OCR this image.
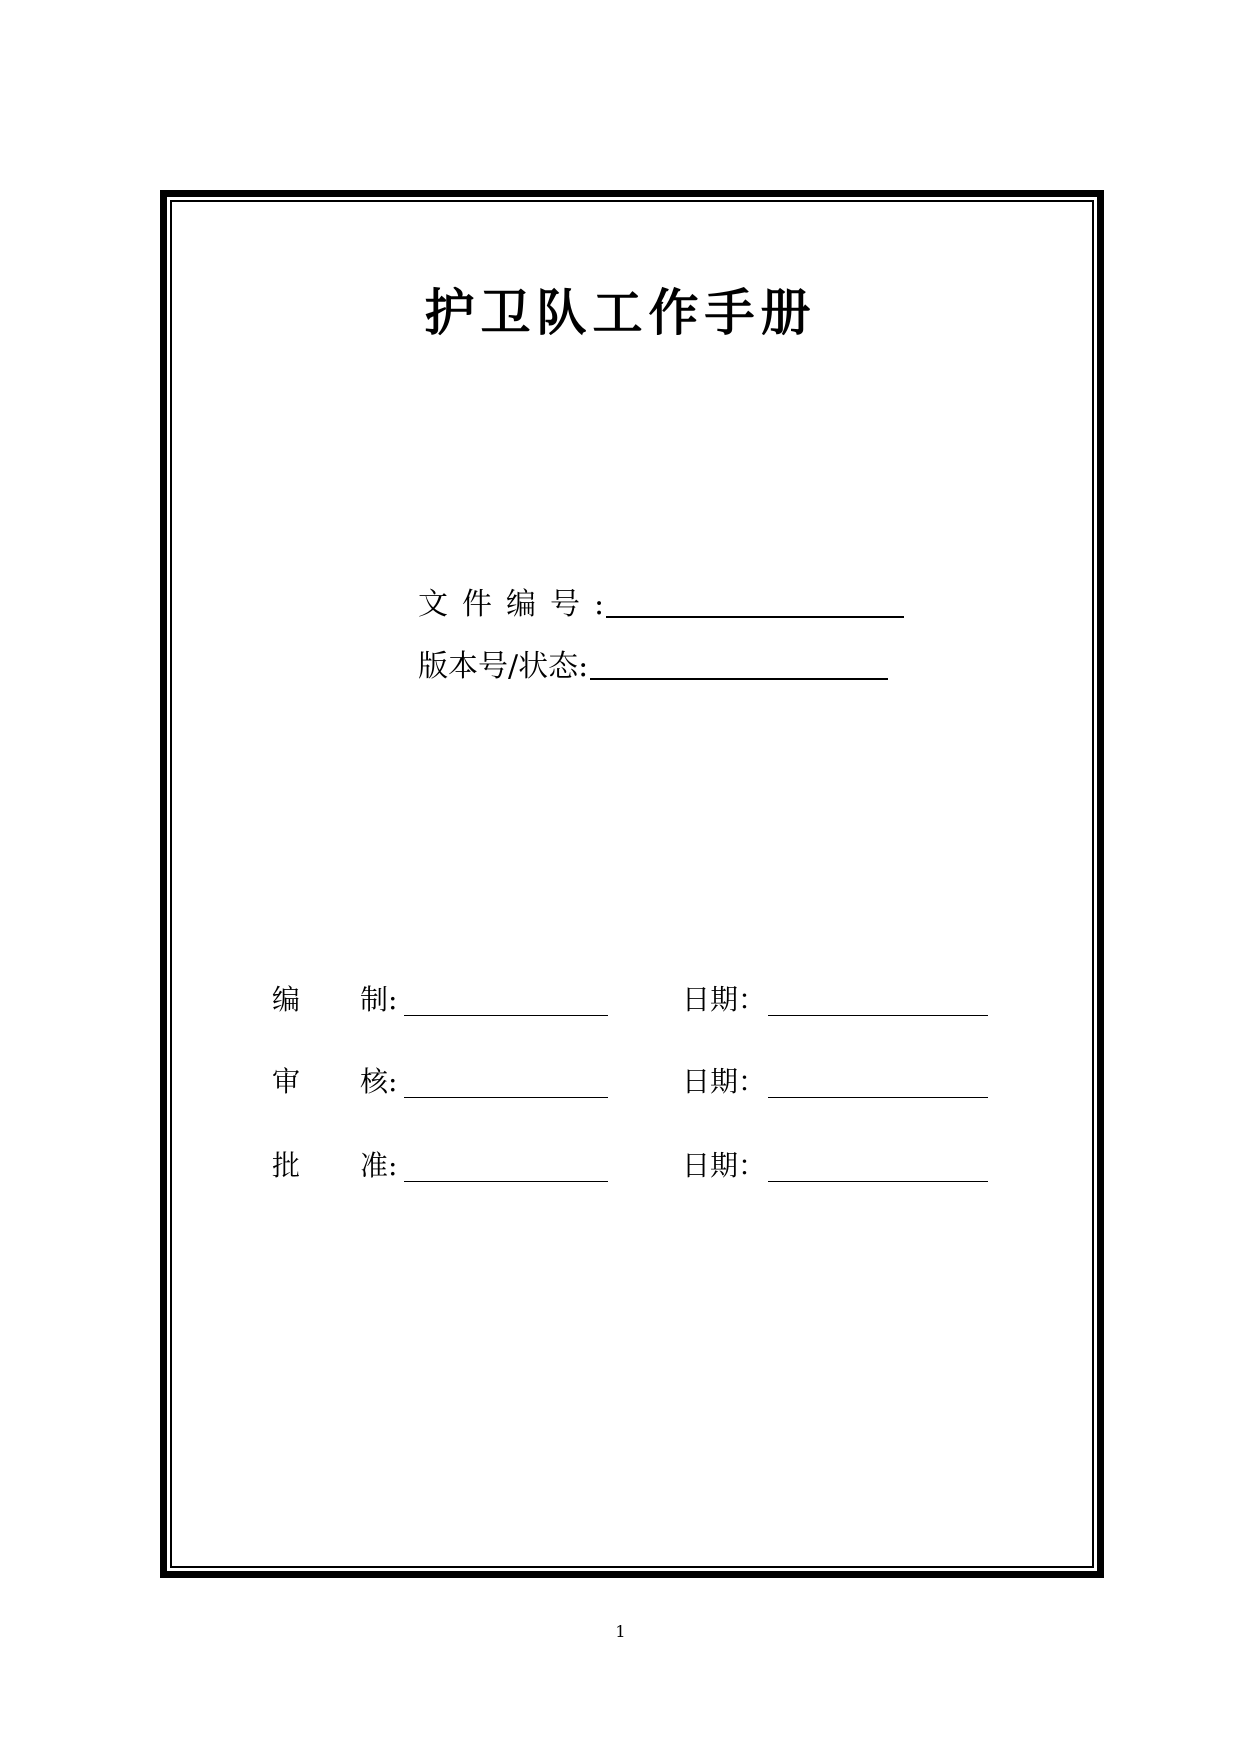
护卫队工作手册
文件编号 :
版本号/状态 :
编 制:	日期：
审 核:	日期：
批 准:	日期：
1
